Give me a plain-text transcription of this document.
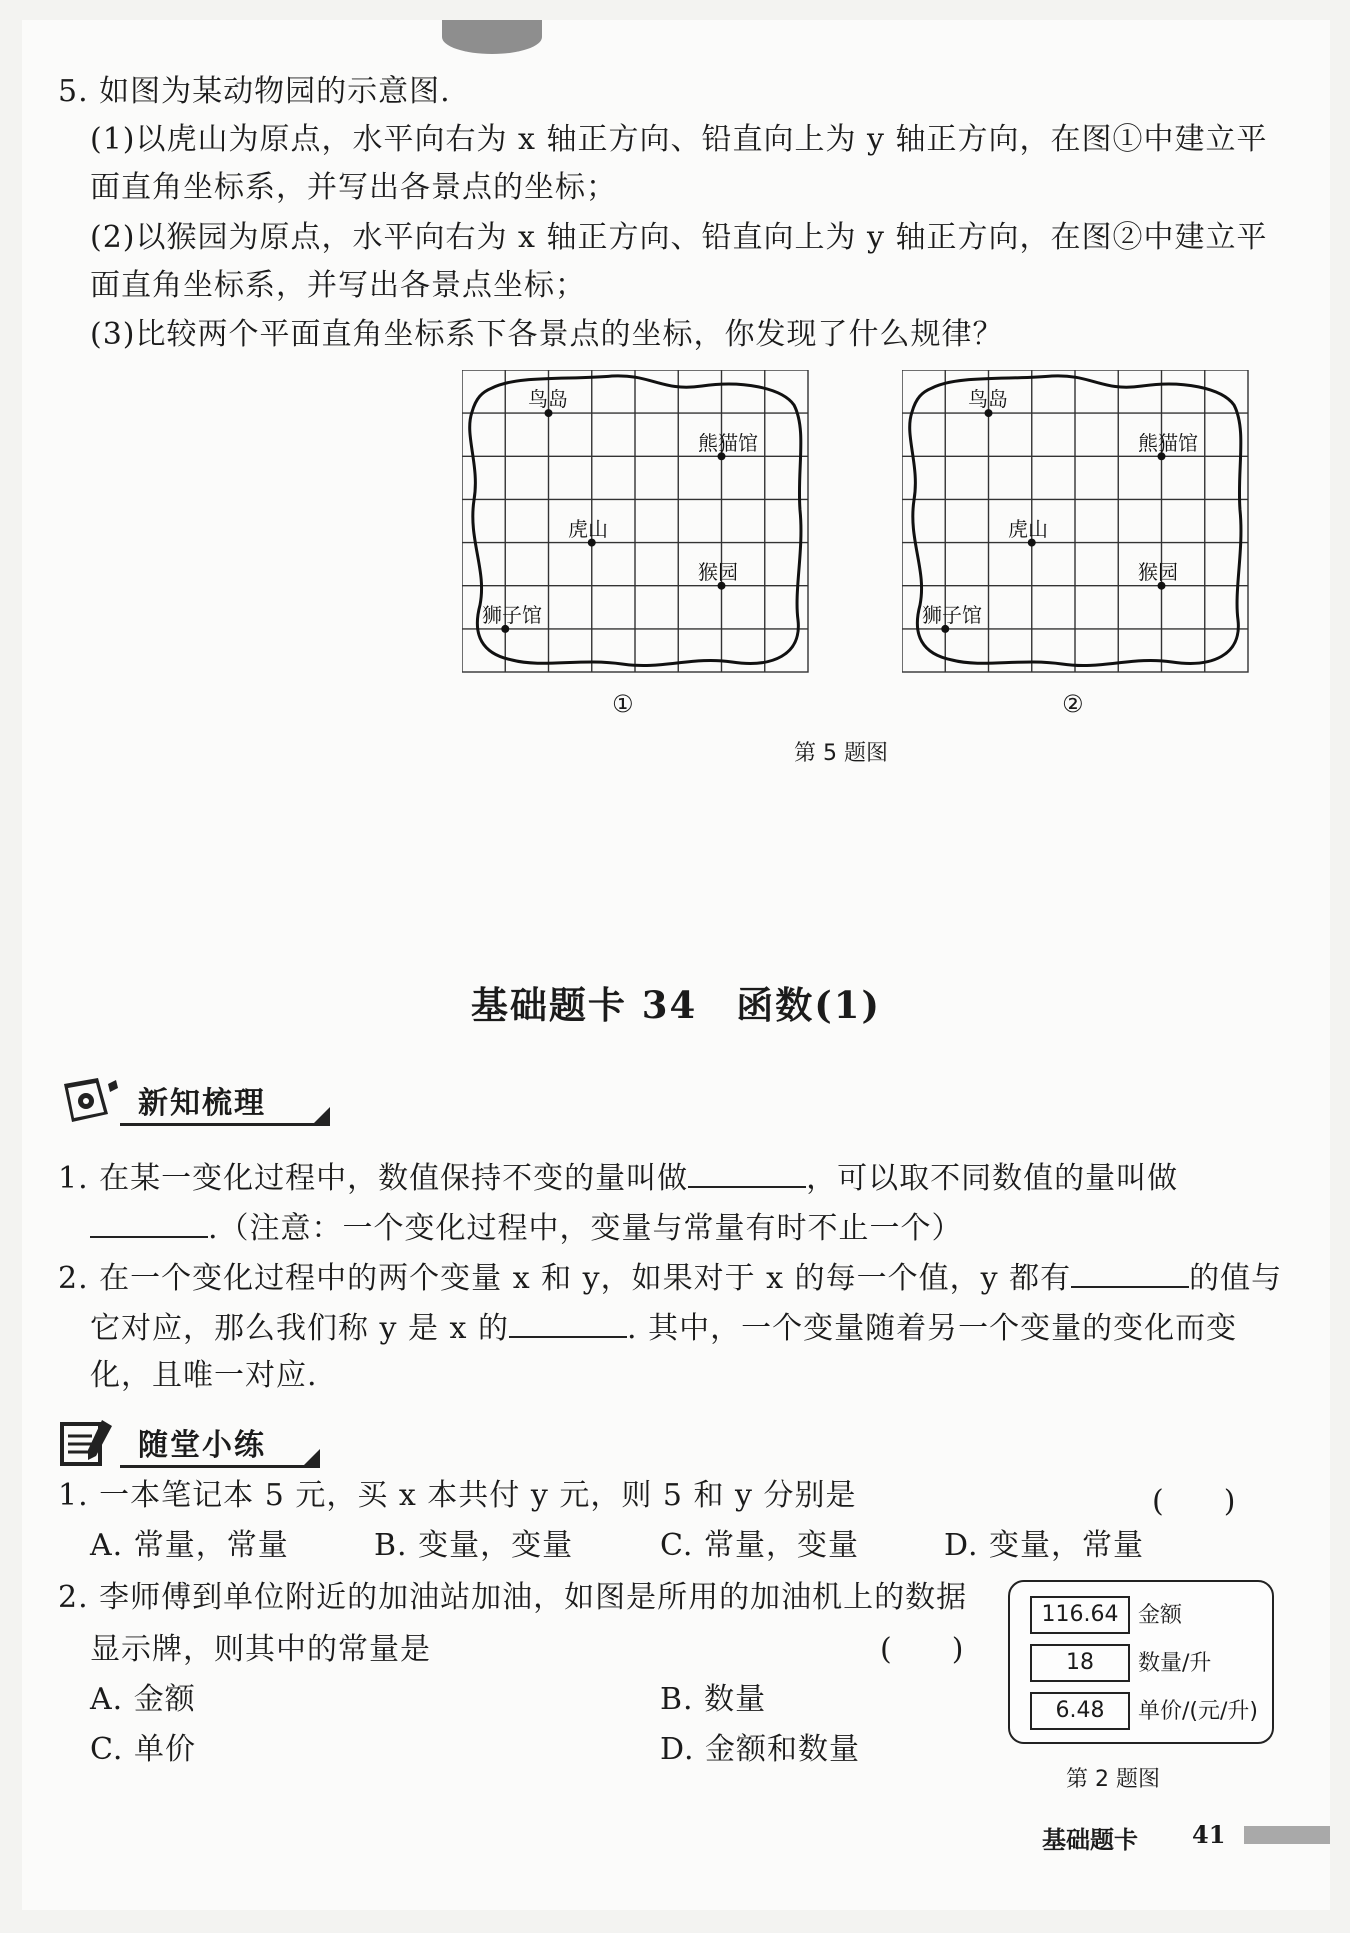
5. 如图为某动物园的示意图.
(1)以虎山为原点，水平向右为 x 轴正方向、铅直向上为 y 轴正方向，在图①中建立平
面直角坐标系，并写出各景点的坐标；
(2)以猴园为原点，水平向右为 x 轴正方向、铅直向上为 y 轴正方向，在图②中建立平
面直角坐标系，并写出各景点坐标；
(3)比较两个平面直角坐标系下各景点的坐标，你发现了什么规律？
鸟岛
熊猫馆
虎山
猴园
狮子馆
①
鸟岛
熊猫馆
虎山
猴园
狮子馆
②
第 5 题图
基础题卡 34　函数(1)
新知梳理
1. 在某一变化过程中，数值保持不变的量叫做	，可以取不同数值的量叫做
.（注意：一个变化过程中，变量与常量有时不止一个）
2. 在一个变化过程中的两个变量 x 和 y，如果对于 x 的每一个值，y 都有	的值与
它对应，那么我们称 y 是 x 的	. 其中，一个变量随着另一个变量的变化而变
化，且唯一对应.
随堂小练
1. 一本笔记本 5 元，买 x 本共付 y 元，则 5 和 y 分别是	(　　)
A. 常量，常量	B. 变量，变量	C. 常量，变量	D. 变量，常量
2. 李师傅到单位附近的加油站加油，如图是所用的加油机上的数据
显示牌，则其中的常量是	(　　)
A. 金额	B. 数量
C. 单价	D. 金额和数量
116.64 金额
18	数量/升
6.48	单价/(元/升)
第 2 题图
基础题卡 41
